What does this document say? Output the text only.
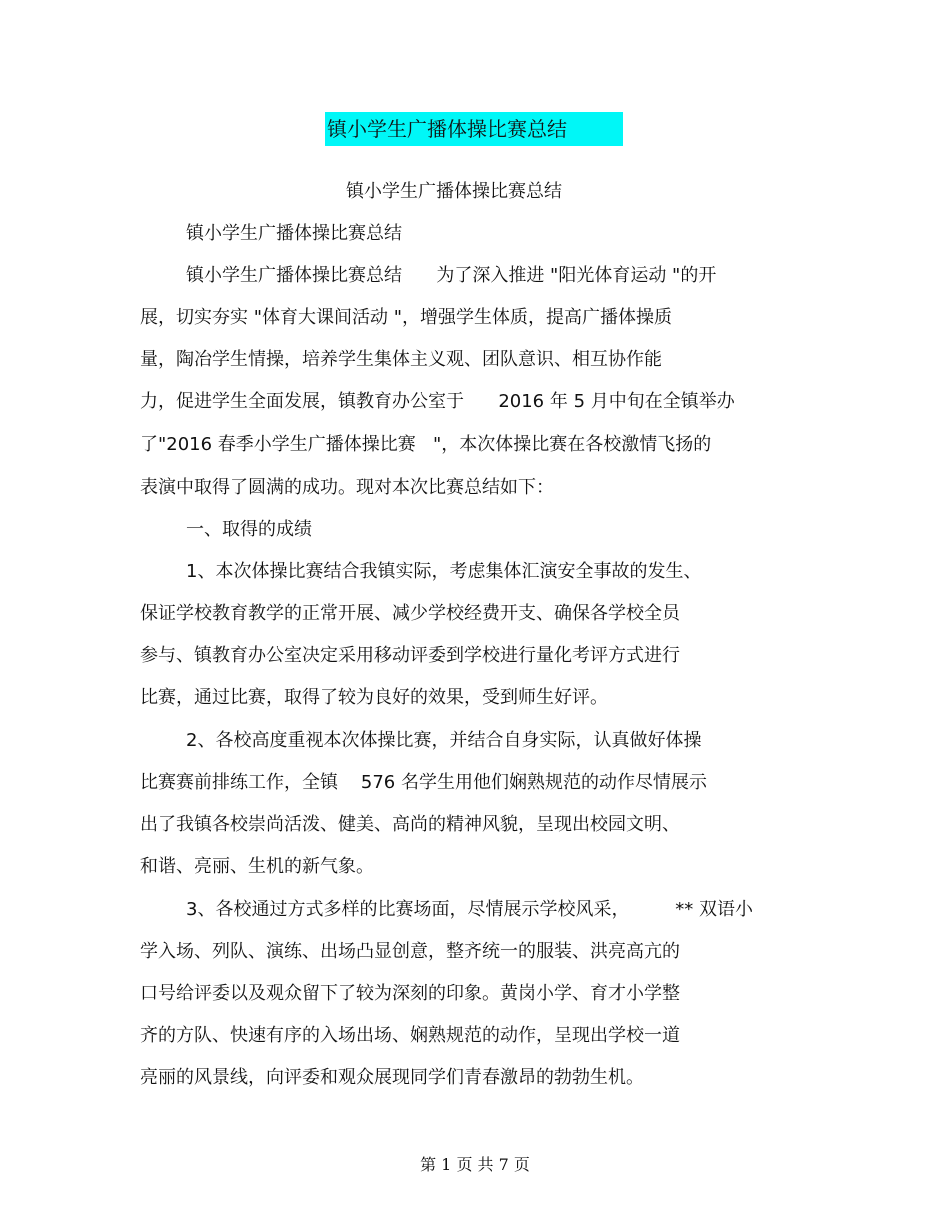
镇小学生广播体操比赛总结
镇小学生广播体操比赛总结
镇小学生广播体操比赛总结
镇小学生广播体操比赛总结      为了深入推进 "阳光体育运动 "的开
展，切实夯实 "体育大课间活动 "，增强学生体质，提高广播体操质
量，陶冶学生情操，培养学生集体主义观、团队意识、相互协作能
力，促进学生全面发展，镇教育办公室于      2016 年 5 月中旬在全镇举办
了"2016 春季小学生广播体操比赛   "，本次体操比赛在各校激情飞扬的
表演中取得了圆满的成功。现对本次比赛总结如下：
一、取得的成绩
1、本次体操比赛结合我镇实际，考虑集体汇演安全事故的发生、
保证学校教育教学的正常开展、减少学校经费开支、确保各学校全员
参与、镇教育办公室决定采用移动评委到学校进行量化考评方式进行
比赛，通过比赛，取得了较为良好的效果，受到师生好评。
2、各校高度重视本次体操比赛，并结合自身实际，认真做好体操
比赛赛前排练工作，全镇    576 名学生用他们娴熟规范的动作尽情展示
出了我镇各校崇尚活泼、健美、高尚的精神风貌，呈现出校园文明、
和谐、亮丽、生机的新气象。
3、各校通过方式多样的比赛场面，尽情展示学校风采，        ** 双语小
学入场、列队、演练、出场凸显创意，整齐统一的服装、洪亮高亢的
口号给评委以及观众留下了较为深刻的印象。黄岗小学、育才小学整
齐的方队、快速有序的入场出场、娴熟规范的动作，呈现出学校一道
亮丽的风景线，向评委和观众展现同学们青春激昂的勃勃生机。
第 1 页 共 7 页
